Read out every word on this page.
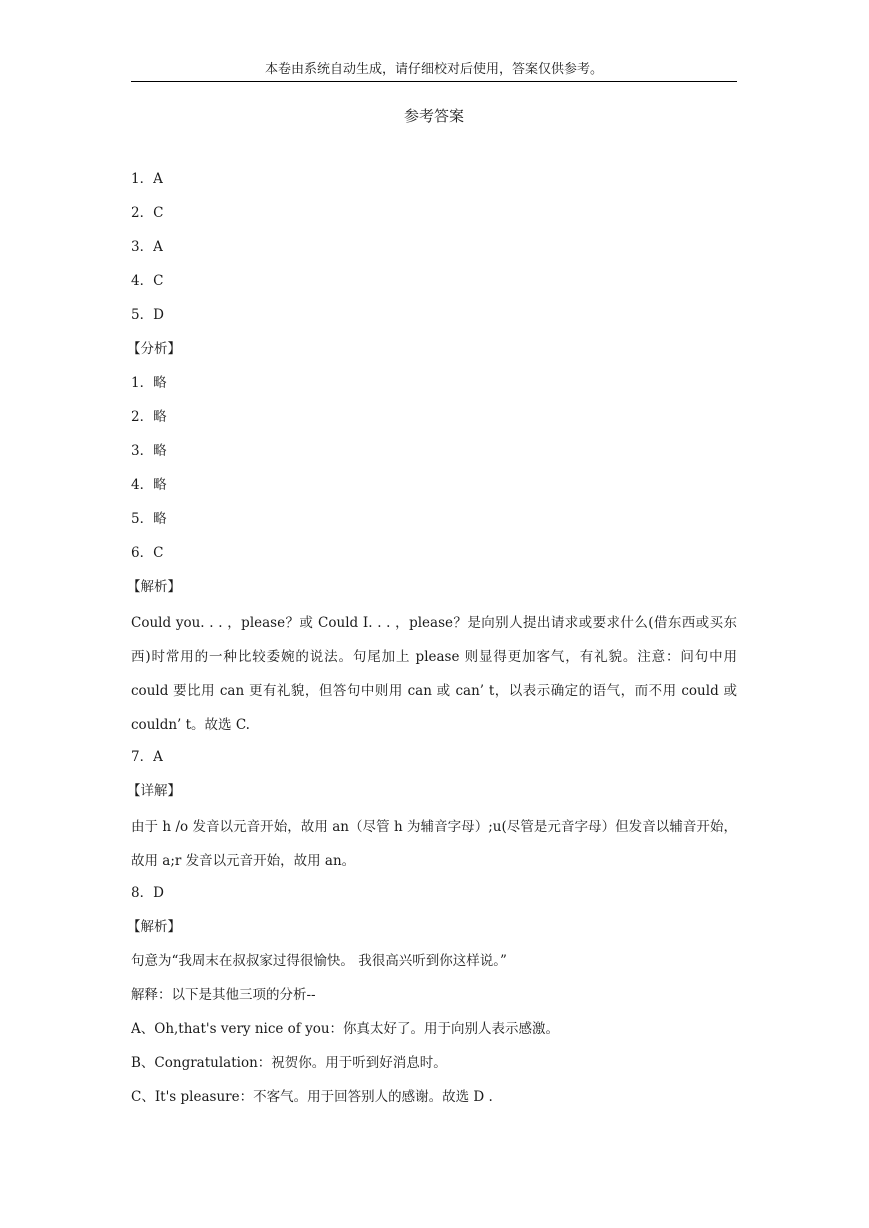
本卷由系统自动生成，请仔细校对后使用，答案仅供参考。
参考答案
1．A
2．C
3．A
4．C
5．D
【分析】
1．略
2．略
3．略
4．略
5．略
6．C
【解析】
Could you. . . ，please？或 Could I. . . ，please？是向别人提出请求或要求什么(借东西或买东西)时常用的一种比较委婉的说法。句尾加上 please 则显得更加客气，有礼貌。注意：问句中用 could 要比用 can 更有礼貌，但答句中则用 can 或 can’ t，以表示确定的语气，而不用 could 或 couldn’ t。故选 C.
7．A
【详解】
由于 h /o 发音以元音开始，故用 an（尽管 h 为辅音字母）;u(尽管是元音字母）但发音以辅音开始，故用 a;r 发音以元音开始，故用 an。
8．D
【解析】
句意为“我周末在叔叔家过得很愉快。 我很高兴听到你这样说。”
解释：以下是其他三项的分析--
A、Oh,that's very nice of you：你真太好了。用于向别人表示感激。
B、Congratulation：祝贺你。用于听到好消息时。
C、It's pleasure：不客气。用于回答别人的感谢。故选 D .
